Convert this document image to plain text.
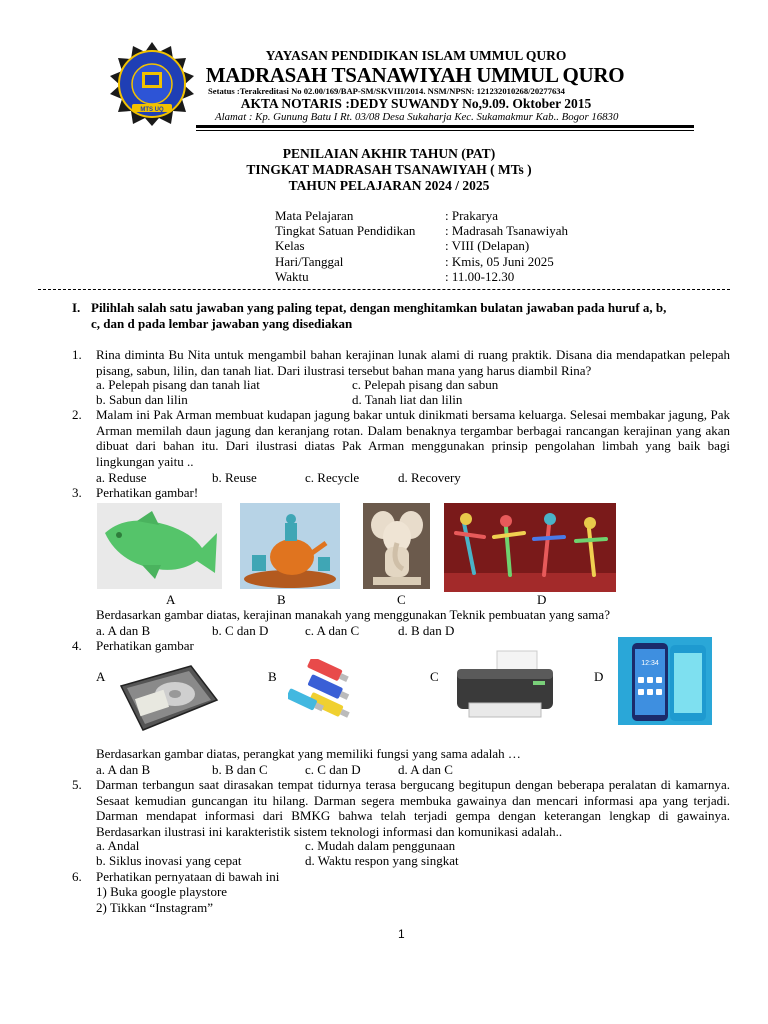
MTS UQ
YAYASAN PENDIDIKAN ISLAM UMMUL QURO
MADRASAH TSANAWIYAH UMMUL QURO
Setatus :Terakreditasi No 02.00/169/BAP-SM/SKVIII/2014. NSM/NPSN: 121232010268/20277634
AKTA NOTARIS :DEDY SUWANDY No,9.09. Oktober 2015
Alamat : Kp. Gunung Batu I Rt. 03/08 Desa Sukaharja Kec. Sukamakmur Kab.. Bogor 16830
PENILAIAN AKHIR TAHUN (PAT)
TINGKAT MADRASAH TSANAWIYAH ( MTs )
TAHUN PELAJARAN 2024 / 2025
Mata Pelajaran	: Prakarya
Tingkat Satuan Pendidikan : Madrasah Tsanawiyah
Kelas	: VIII (Delapan)
Hari/Tanggal	: Kmis, 05 Juni 2025
Waktu	: 11.00-12.30
I. Pilihlah salah satu jawaban yang paling tepat, dengan menghitamkan bulatan jawaban pada huruf a, b,
c, dan d pada lembar jawaban yang disediakan
1. Rina diminta Bu Nita untuk mengambil bahan kerajinan lunak alami di ruang praktik. Disana dia mendapatkan pelepah pisang, sabun, lilin, dan tanah liat. Dari ilustrasi tersebut bahan mana yang harus diambil Rina?
a. Pelepah pisang dan tanah liat	c. Pelepah pisang dan sabun
b. Sabun dan lilin	d. Tanah liat dan lilin
2. Malam ini Pak Arman membuat kudapan jagung bakar untuk dinikmati bersama keluarga. Selesai membakar jagung, Pak Arman memilah daun jagung dan keranjang rotan. Dalam benaknya tergambar berbagai rancangan kerajinan yang akan dibuat dari bahan itu. Dari ilustrasi diatas Pak Arman menggunakan prinsip pengolahan limbah yang baik bagi lingkungan yaitu ..
a. Reduse	b. Reuse	c. Recycle	d. Recovery
3. Perhatikan gambar!
A	B	C	D
Berdasarkan gambar diatas, kerajinan manakah yang menggunakan Teknik pembuatan yang sama?
a. A dan B	b. C dan D	c. A dan C	d. B dan D
4. Perhatikan gambar
A	B	C	D
12:34
Berdasarkan gambar diatas, perangkat yang memiliki fungsi yang sama adalah …
a. A dan B	b. B dan C	c. C dan D	d. A dan C
5. Darman terbangun saat dirasakan tempat tidurnya terasa bergucang begitupun dengan beberapa peralatan di kamarnya. Sesaat kemudian guncangan itu hilang. Darman segera membuka gawainya dan mencari informasi apa yang terjadi. Darman mendapat informasi dari BMKG bahwa telah terjadi gempa dengan keterangan lengkap di gawainya. Berdasarkan ilustrasi ini karakteristik sistem teknologi informasi dan komunikasi adalah..
a. Andal	c. Mudah dalam penggunaan
b. Siklus inovasi yang cepat	d. Waktu respon yang singkat
6. Perhatikan pernyataan di bawah ini
1) Buka google playstore
2) Tikkan “Instagram”
1
